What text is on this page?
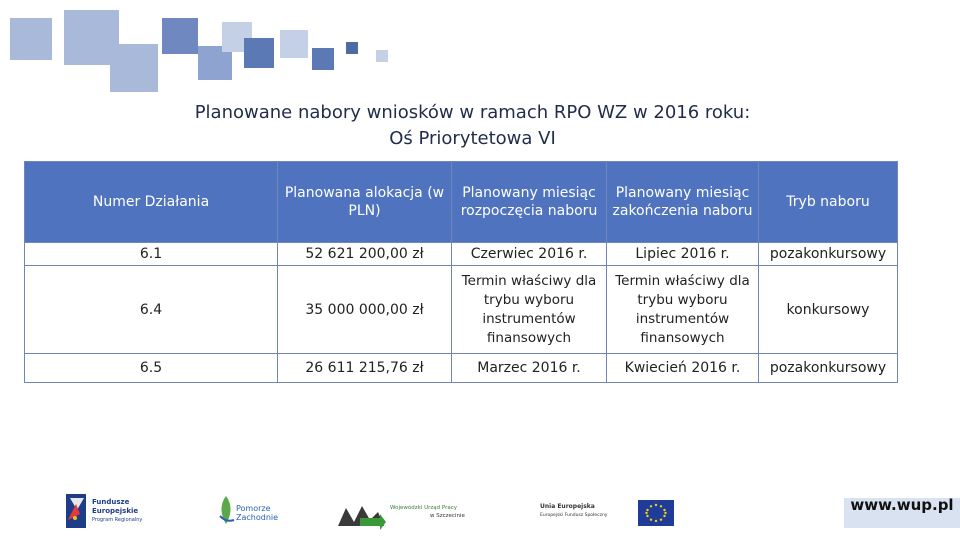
Planowane nabory wniosków w ramach RPO WZ w 2016 roku:
Oś Priorytetowa VI
Numer Działania	Planowana alokacja (w PLN)	Planowany miesiąc rozpoczęcia naboru	Planowany miesiąc zakończenia naboru	Tryb naboru
6.1	52 621 200,00 zł	Czerwiec 2016 r.	Lipiec 2016 r.	pozakonkursowy
6.4	35 000 000,00 zł	Termin właściwy dla trybu wyboru instrumentów finansowych	Termin właściwy dla trybu wyboru instrumentów finansowych	konkursowy
6.5	26 611 215,76 zł	Marzec 2016 r.	Kwiecień 2016 r.	pozakonkursowy
Fundusze
Europejskie
Program Regionalny
Pomorze
Zachodnie
Wojewódzki Urząd Pracy
w Szczecinie
Unia Europejska
Europejski Fundusz Społeczny
www.wup.pl
